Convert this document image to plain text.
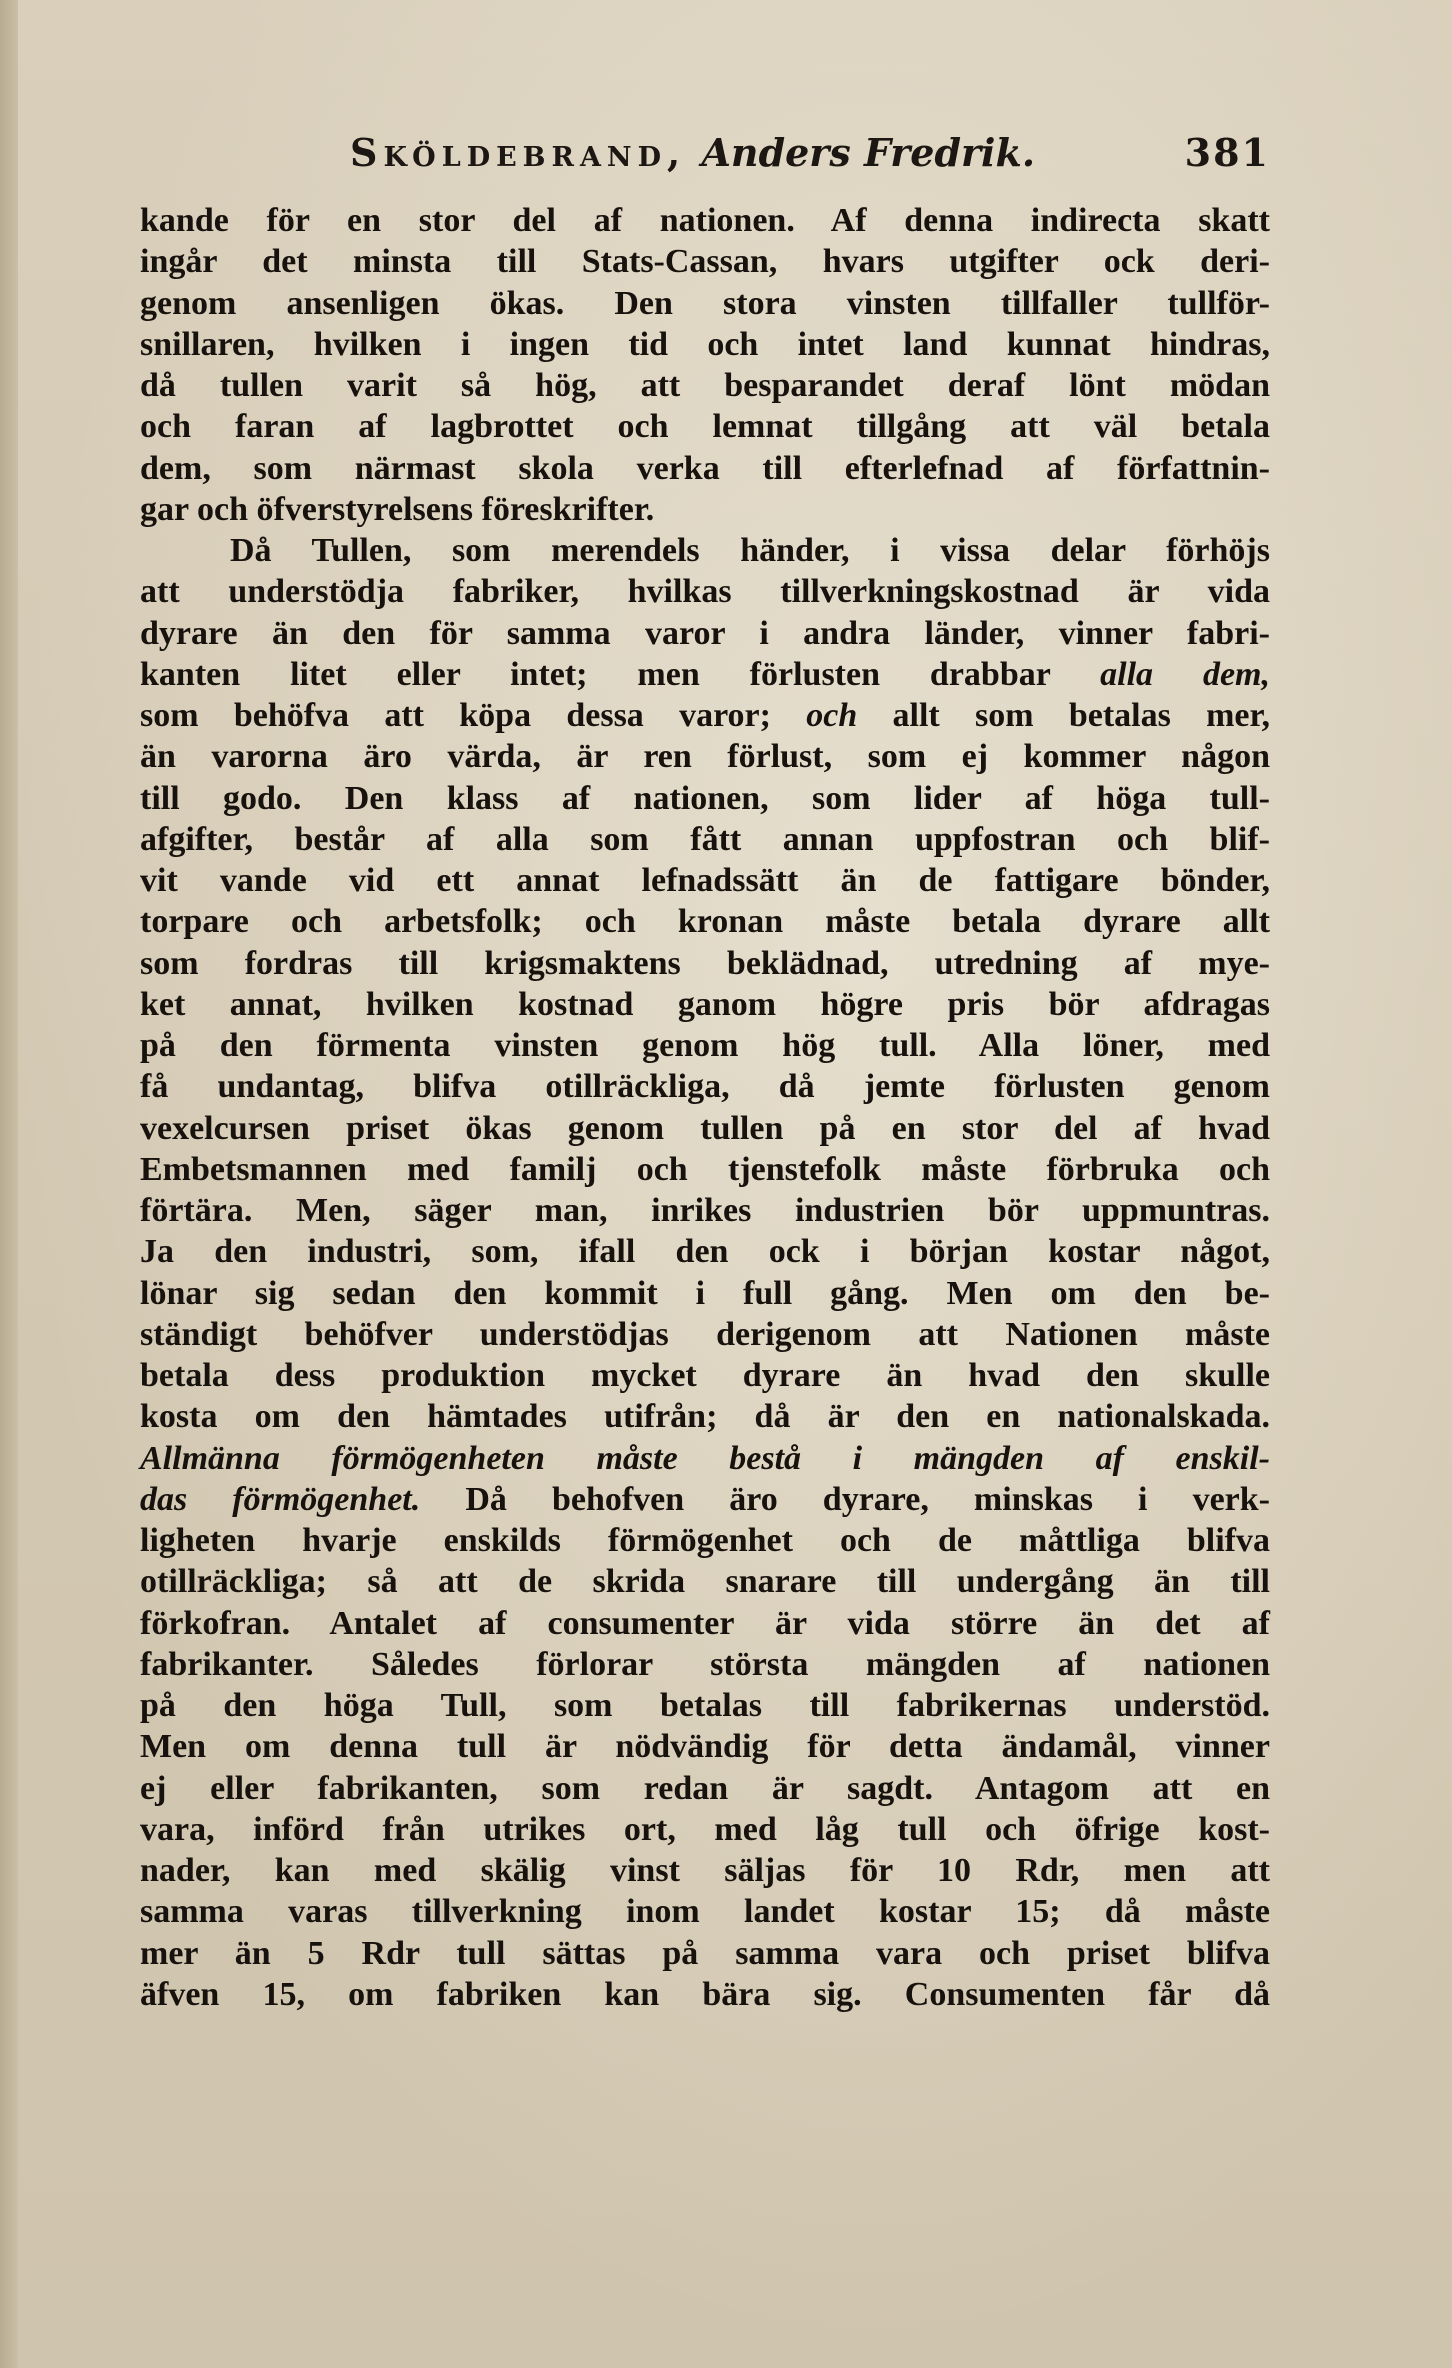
Sköldebrand, Anders Fredrik.	381
kande för en stor del af nationen. Af denna indirecta skatt
ingår det minsta till Stats-Cassan, hvars utgifter ock deri-
genom ansenligen ökas. Den stora vinsten tillfaller tullför-
snillaren, hvilken i ingen tid och intet land kunnat hindras,
då tullen varit så hög, att besparandet deraf lönt mödan
och faran af lagbrottet och lemnat tillgång att väl betala
dem, som närmast skola verka till efterlefnad af författnin-
gar och öfverstyrelsens föreskrifter.
Då Tullen, som merendels händer, i vissa delar förhöjs
att understödja fabriker, hvilkas tillverkningskostnad är vida
dyrare än den för samma varor i andra länder, vinner fabri-
kanten litet eller intet; men förlusten drabbar alla dem,
som behöfva att köpa dessa varor; och allt som betalas mer,
än varorna äro värda, är ren förlust, som ej kommer någon
till godo. Den klass af nationen, som lider af höga tull-
afgifter, består af alla som fått annan uppfostran och blif-
vit vande vid ett annat lefnadssätt än de fattigare bönder,
torpare och arbetsfolk; och kronan måste betala dyrare allt
som fordras till krigsmaktens beklädnad, utredning af mye-
ket annat, hvilken kostnad ganom högre pris bör afdragas
på den förmenta vinsten genom hög tull. Alla löner, med
få undantag, blifva otillräckliga, då jemte förlusten genom
vexelcursen priset ökas genom tullen på en stor del af hvad
Embetsmannen med familj och tjenstefolk måste förbruka och
förtära. Men, säger man, inrikes industrien bör uppmuntras.
Ja den industri, som, ifall den ock i början kostar något,
lönar sig sedan den kommit i full gång. Men om den be-
ständigt behöfver understödjas derigenom att Nationen måste
betala dess produktion mycket dyrare än hvad den skulle
kosta om den hämtades utifrån; då är den en nationalskada.
Allmänna förmögenheten måste bestå i mängden af enskil-
das förmögenhet. Då behofven äro dyrare, minskas i verk-
ligheten hvarje enskilds förmögenhet och de måttliga blifva
otillräckliga; så att de skrida snarare till undergång än till
förkofran. Antalet af consumenter är vida större än det af
fabrikanter. Således förlorar största mängden af nationen
på den höga Tull, som betalas till fabrikernas understöd.
Men om denna tull är nödvändig för detta ändamål, vinner
ej eller fabrikanten, som redan är sagdt. Antagom att en
vara, införd från utrikes ort, med låg tull och öfrige kost-
nader, kan med skälig vinst säljas för 10 Rdr, men att
samma varas tillverkning inom landet kostar 15; då måste
mer än 5 Rdr tull sättas på samma vara och priset blifva
äfven 15, om fabriken kan bära sig. Consumenten får då
